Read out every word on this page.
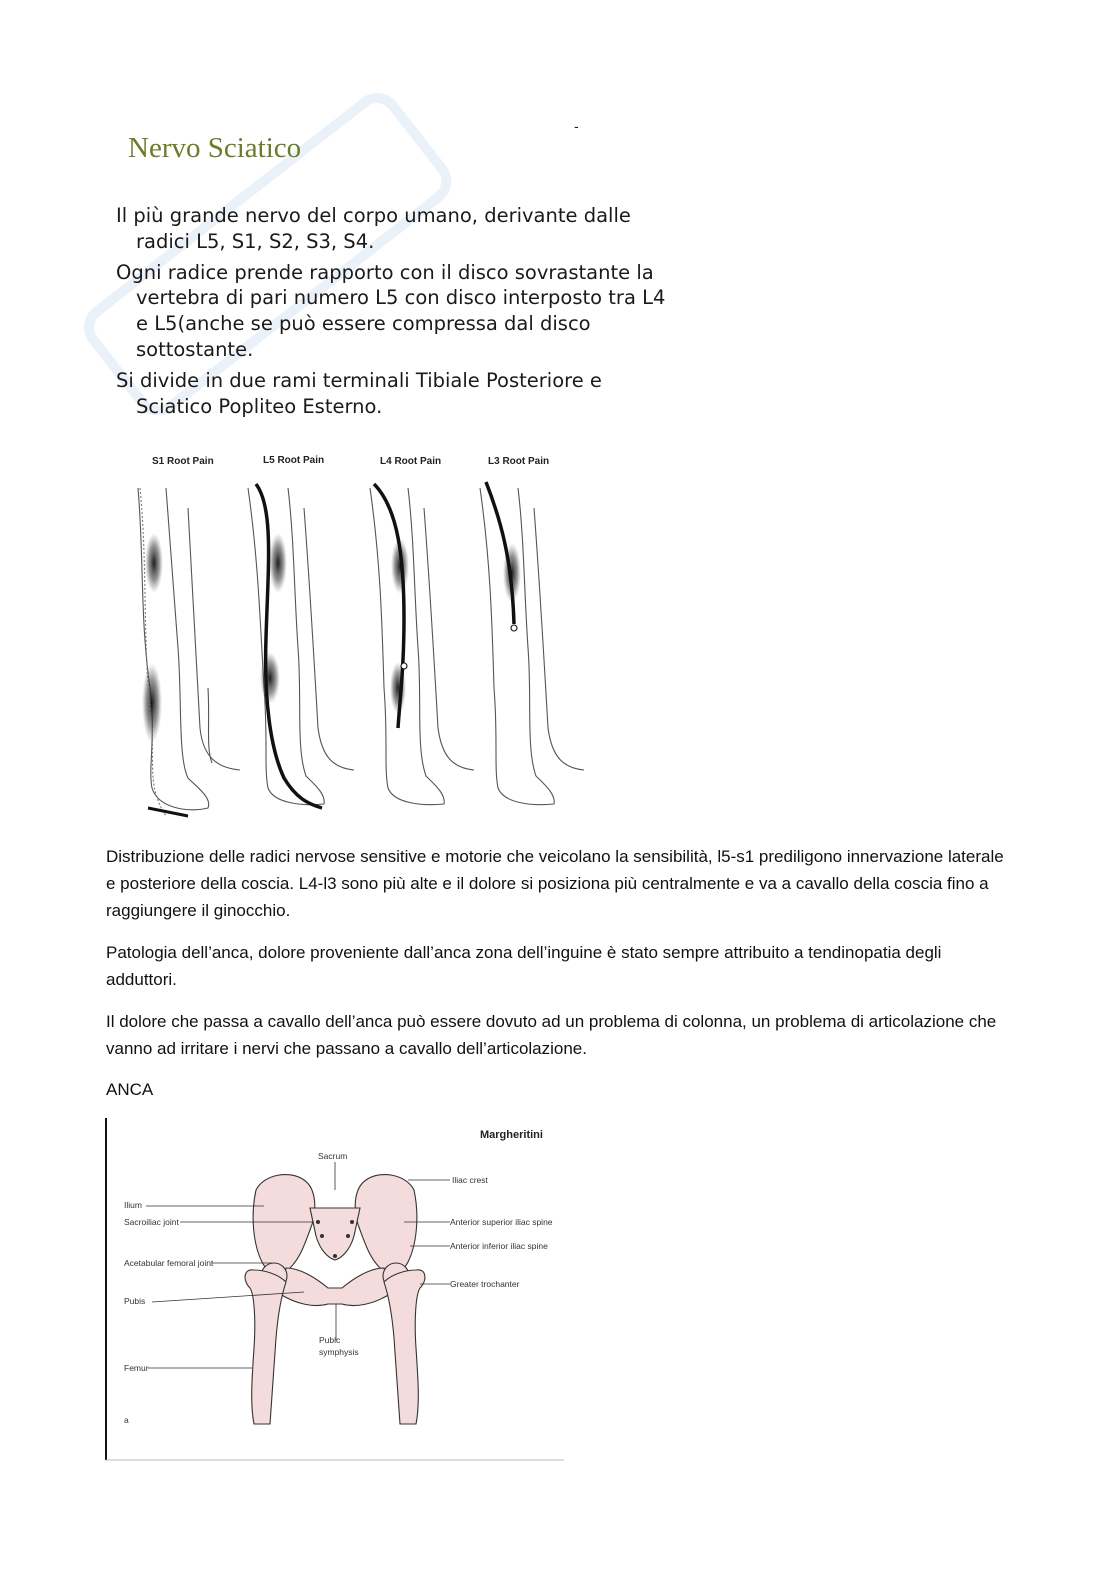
Nervo Sciatico
-

Il più grande nervo del corpo umano, derivante dalle radici L5, S1, S2, S3, S4.

Ogni radice prende rapporto con il disco sovrastante la vertebra di pari numero L5 con disco interposto tra L4 e L5(anche se può essere compressa dal disco sottostante.

Si divide in due rami terminali Tibiale Posteriore e Sciatico Popliteo Esterno.

S1 Root Pain	L5 Root Pain	L4 Root Pain	L3 Root Pain

Distribuzione delle radici nervose sensitive e motorie che veicolano la sensibilità, l5-s1 prediligono innervazione laterale e posteriore della coscia. L4-l3 sono più alte e il dolore si posiziona più centralmente e va a cavallo della coscia fino a raggiungere il ginocchio.

Patologia dell’anca, dolore proveniente dall’anca zona dell’inguine è stato sempre attribuito a tendinopatia degli adduttori.

Il dolore che passa a cavallo dell’anca può essere dovuto ad un problema di colonna, un problema di articolazione che vanno ad irritare i nervi che passano a cavallo dell’articolazione.

ANCA

Margheritini
Sacrum
Ilium
Sacroiliac joint
Acetabular femoral joint
Pubis
Femur
Iliac crest
Anterior superior iliac spine
Anterior inferior iliac spine
Greater trochanter
Pubic
symphysis
a
